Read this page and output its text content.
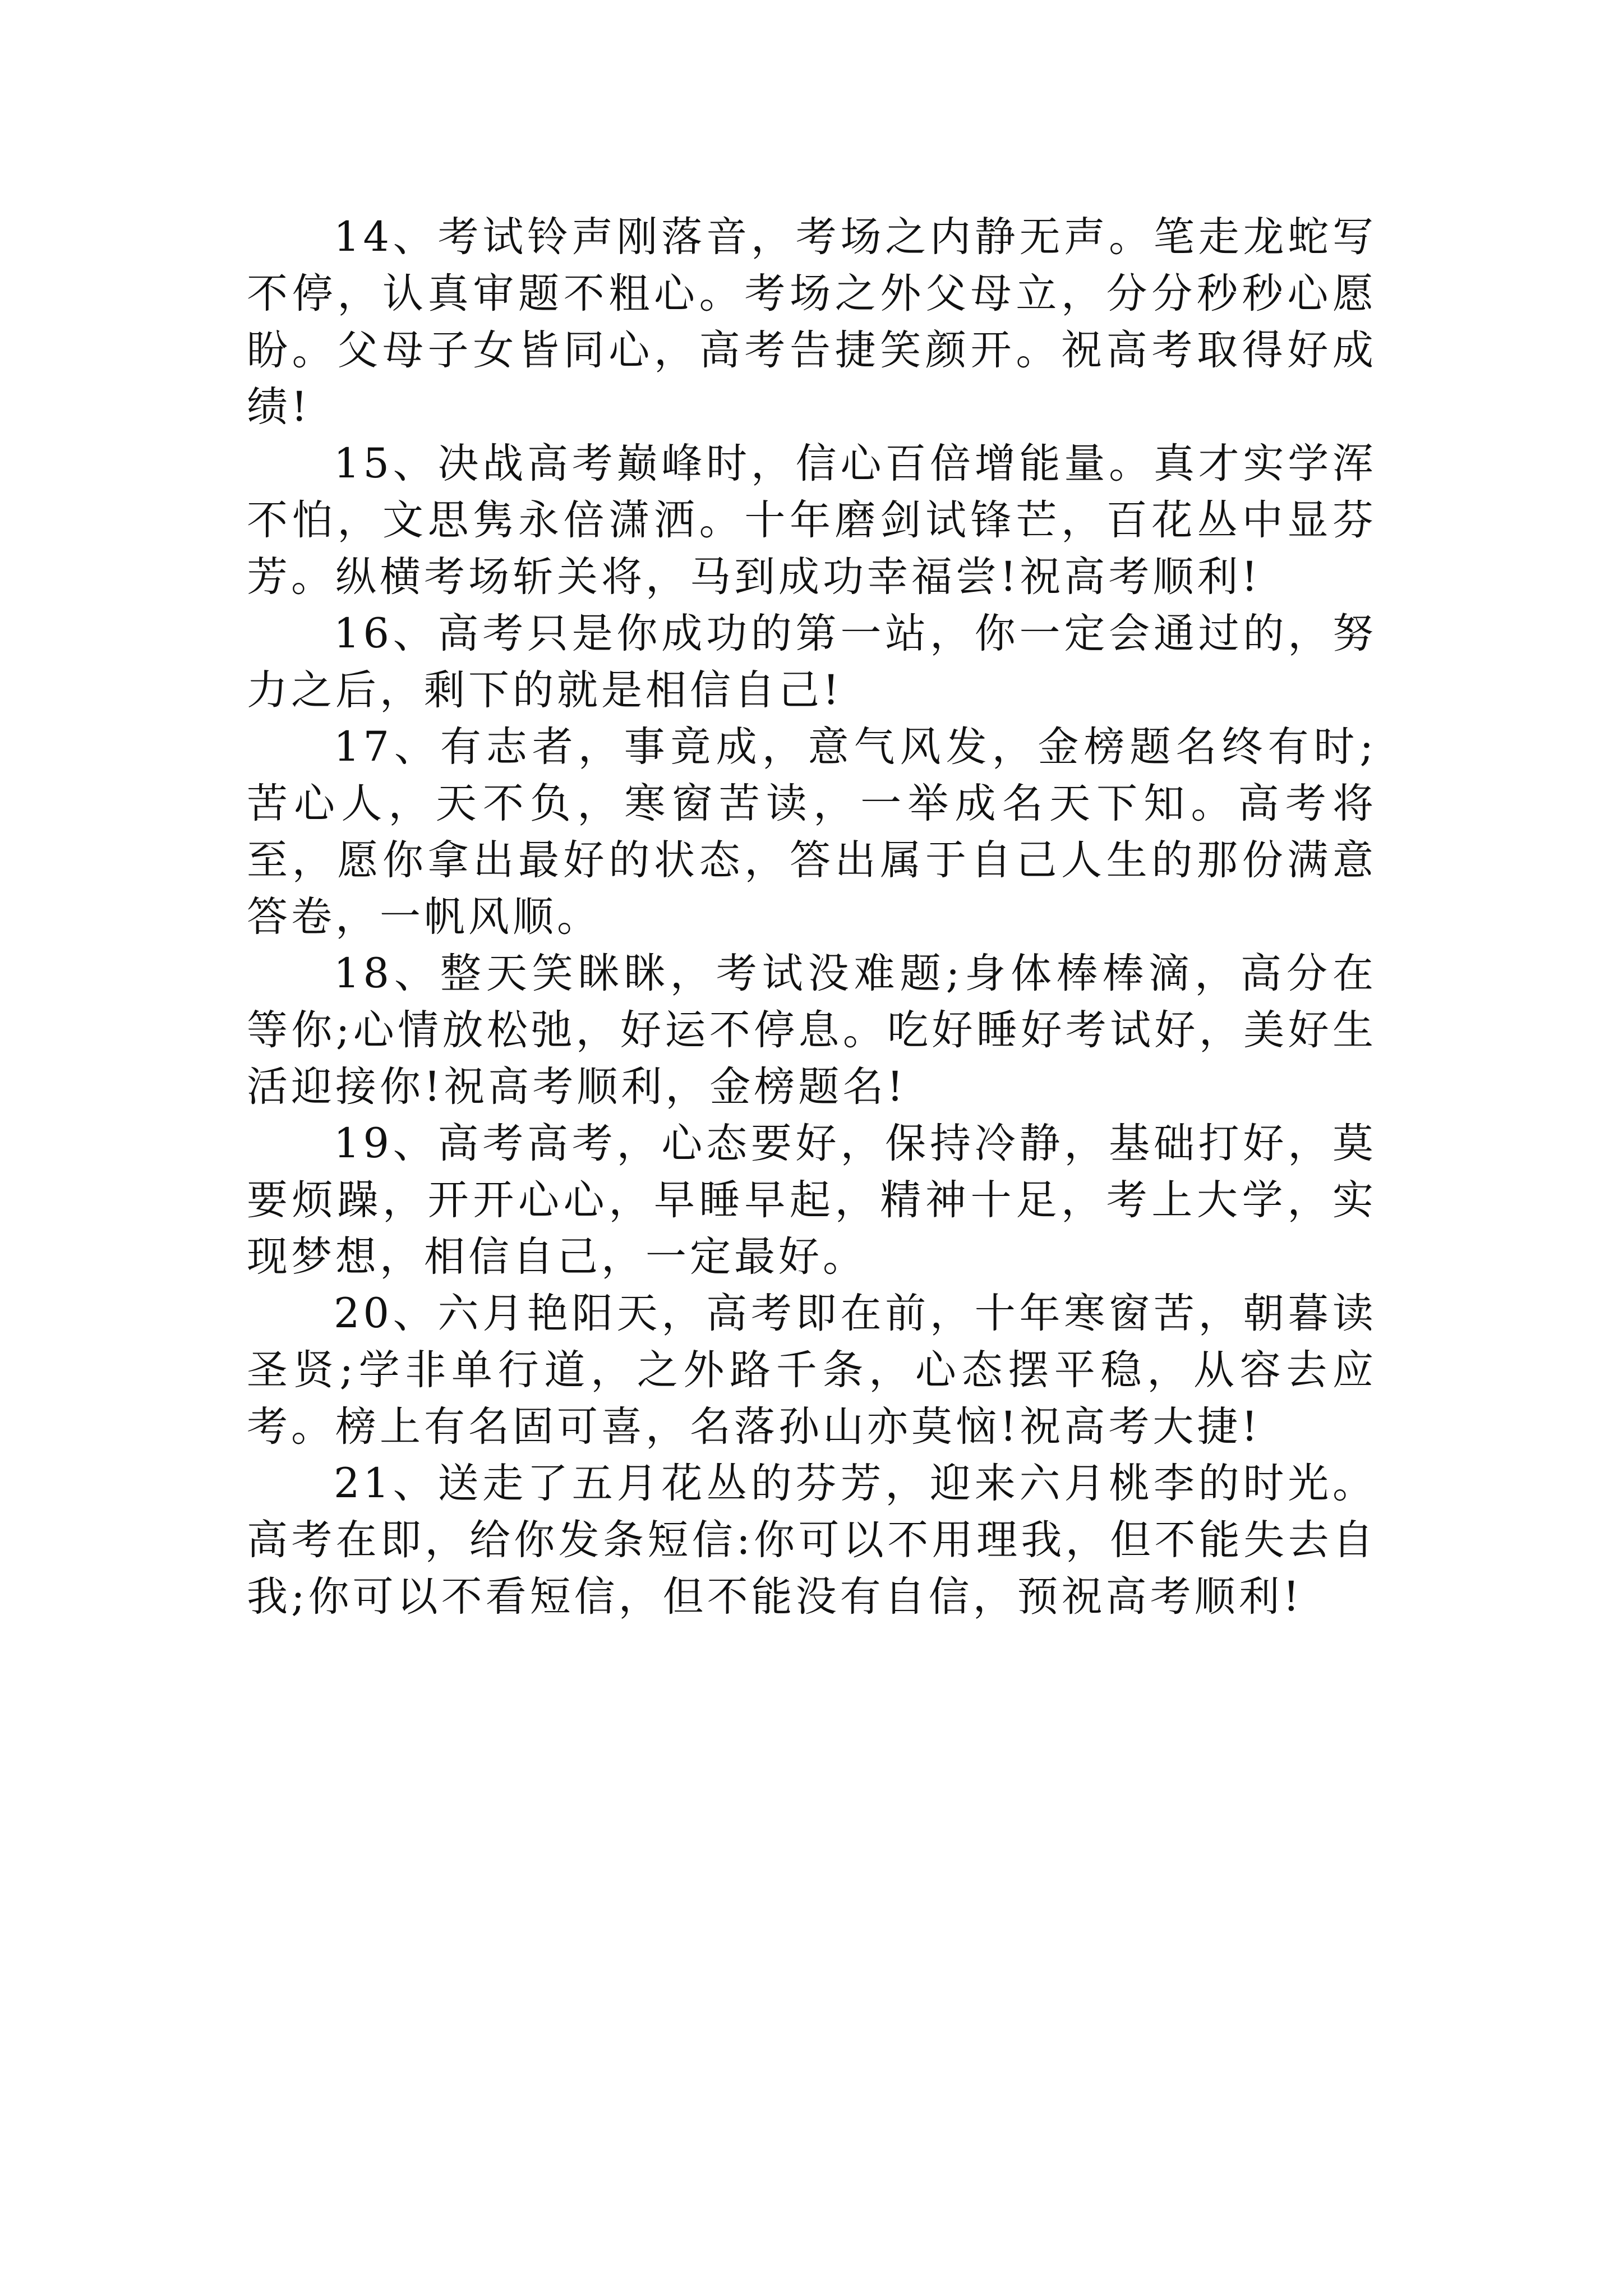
14、考试铃声刚落音，考场之内静无声。笔走龙蛇写不停，认真审题不粗心。考场之外父母立，分分秒秒心愿盼。父母子女皆同心，高考告捷笑颜开。祝高考取得好成绩!

15、决战高考巅峰时，信心百倍增能量。真才实学浑不怕，文思隽永倍潇洒。十年磨剑试锋芒，百花丛中显芬芳。纵横考场斩关将，马到成功幸福尝!祝高考顺利!

16、高考只是你成功的第一站，你一定会通过的，努力之后，剩下的就是相信自己!

17、有志者，事竟成，意气风发，金榜题名终有时;苦心人，天不负，寒窗苦读，一举成名天下知。高考将至，愿你拿出最好的状态，答出属于自己人生的那份满意答卷，一帆风顺。

18、整天笑眯眯，考试没难题;身体棒棒滴，高分在等你;心情放松弛，好运不停息。吃好睡好考试好，美好生活迎接你!祝高考顺利，金榜题名!

19、高考高考，心态要好，保持冷静，基础打好，莫要烦躁，开开心心，早睡早起，精神十足，考上大学，实现梦想，相信自己，一定最好。

20、六月艳阳天，高考即在前，十年寒窗苦，朝暮读圣贤;学非单行道，之外路千条，心态摆平稳，从容去应考。榜上有名固可喜，名落孙山亦莫恼!祝高考大捷!

21、送走了五月花丛的芬芳，迎来六月桃李的时光。高考在即，给你发条短信:你可以不用理我，但不能失去自我;你可以不看短信，但不能没有自信，预祝高考顺利!
